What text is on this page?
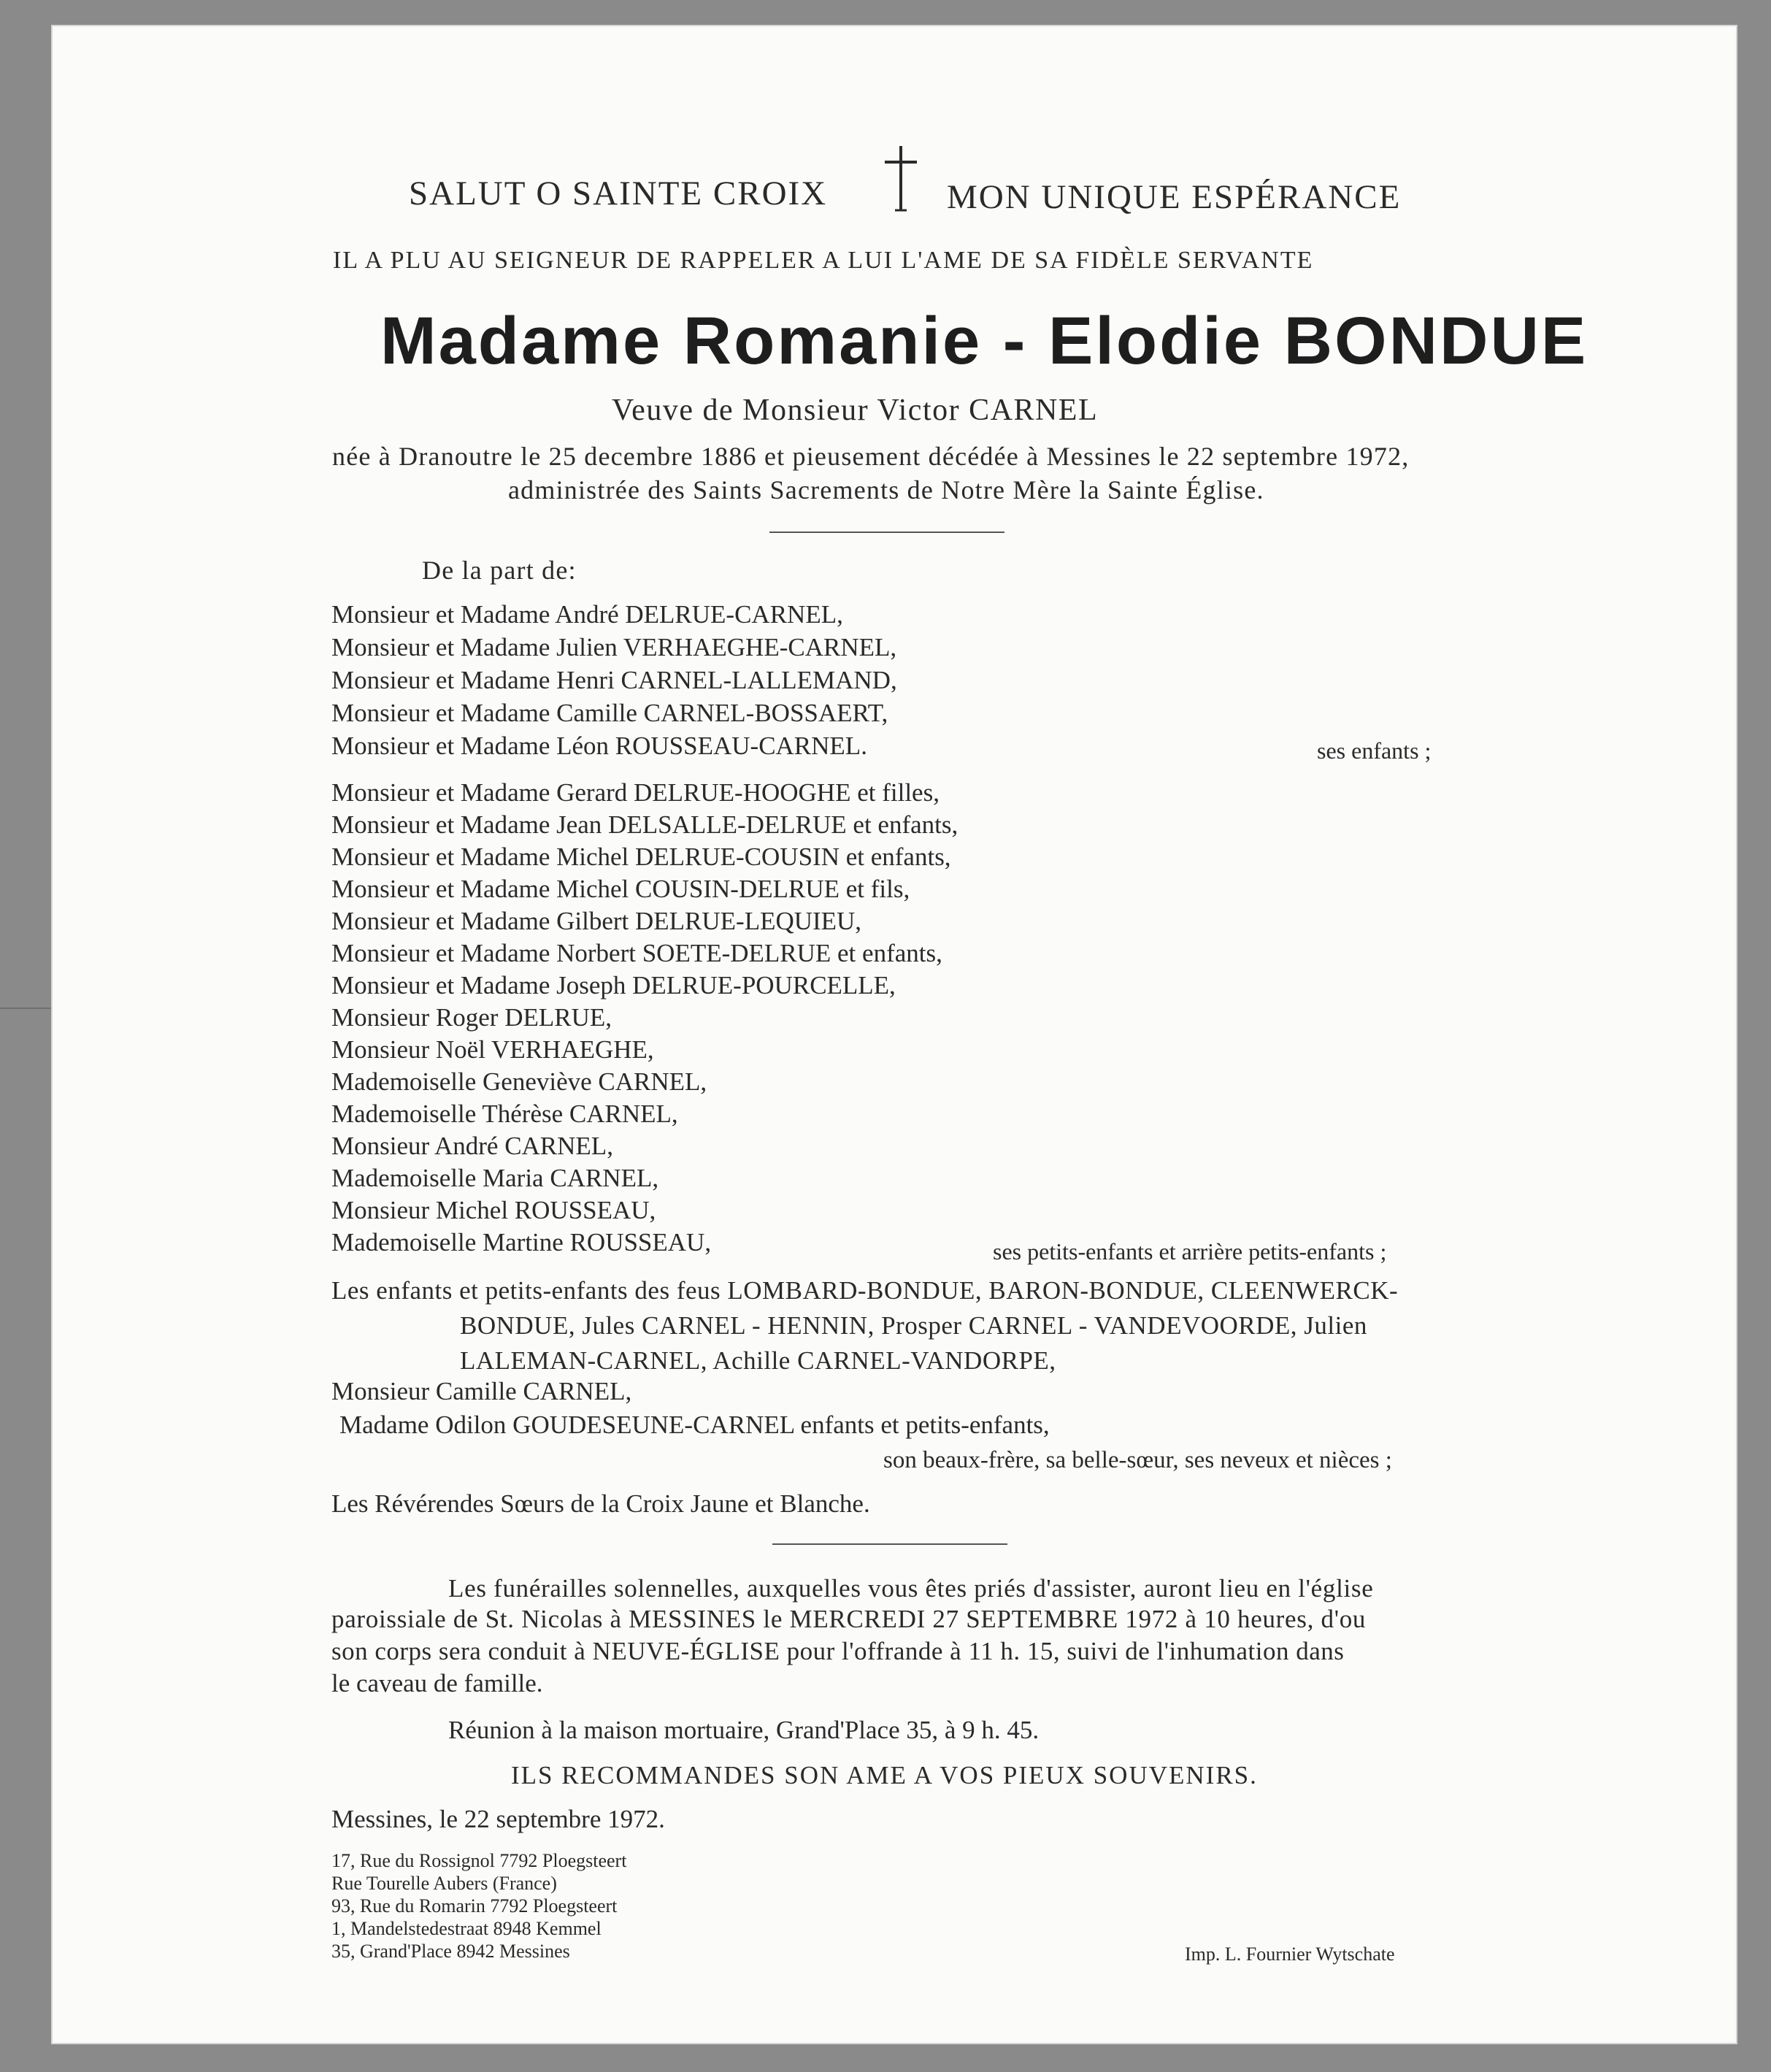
SALUT O SAINTE CROIX	MON UNIQUE ESPÉRANCE
IL A PLU AU SEIGNEUR DE RAPPELER A LUI L'AME DE SA FIDÈLE SERVANTE
Madame Romanie - Elodie BONDUE
Veuve de Monsieur Victor CARNEL
née à Dranoutre le 25 decembre 1886 et pieusement décédée à Messines le 22 septembre 1972,
administrée des Saints Sacrements de Notre Mère la Sainte Église.
De la part de:
Monsieur et Madame André DELRUE-CARNEL,
Monsieur et Madame Julien VERHAEGHE-CARNEL,
Monsieur et Madame Henri CARNEL-LALLEMAND,
Monsieur et Madame Camille CARNEL-BOSSAERT,
Monsieur et Madame Léon ROUSSEAU-CARNEL.	ses enfants ;
Monsieur et Madame Gerard DELRUE-HOOGHE et filles,
Monsieur et Madame Jean DELSALLE-DELRUE et enfants,
Monsieur et Madame Michel DELRUE-COUSIN et enfants,
Monsieur et Madame Michel COUSIN-DELRUE et fils,
Monsieur et Madame Gilbert DELRUE-LEQUIEU,
Monsieur et Madame Norbert SOETE-DELRUE et enfants,
Monsieur et Madame Joseph DELRUE-POURCELLE,
Monsieur Roger DELRUE,
Monsieur Noël VERHAEGHE,
Mademoiselle Geneviève CARNEL,
Mademoiselle Thérèse CARNEL,
Monsieur André CARNEL,
Mademoiselle Maria CARNEL,
Monsieur Michel ROUSSEAU,
Mademoiselle Martine ROUSSEAU,	ses petits-enfants et arrière petits-enfants ;
Les enfants et petits-enfants des feus LOMBARD-BONDUE, BARON-BONDUE, CLEENWERCK-
BONDUE, Jules CARNEL - HENNIN, Prosper CARNEL - VANDEVOORDE, Julien
LALEMAN-CARNEL, Achille CARNEL-VANDORPE,
Monsieur Camille CARNEL,
Madame Odilon GOUDESEUNE-CARNEL enfants et petits-enfants,
son beaux-frère, sa belle-sœur, ses neveux et nièces ;
Les Révérendes Sœurs de la Croix Jaune et Blanche.
Les funérailles solennelles, auxquelles vous êtes priés d'assister, auront lieu en l'église
paroissiale de St. Nicolas à MESSINES le MERCREDI 27 SEPTEMBRE 1972 à 10 heures, d'ou
son corps sera conduit à NEUVE-ÉGLISE pour l'offrande à 11 h. 15, suivi de l'inhumation dans
le caveau de famille.
Réunion à la maison mortuaire, Grand'Place 35, à 9 h. 45.
ILS RECOMMANDES SON AME A VOS PIEUX SOUVENIRS.
Messines, le 22 septembre 1972.
17, Rue du Rossignol 7792 Ploegsteert
Rue Tourelle Aubers (France)
93, Rue du Romarin 7792 Ploegsteert
1, Mandelstedestraat 8948 Kemmel
35, Grand'Place 8942 Messines	Imp. L. Fournier Wytschate
